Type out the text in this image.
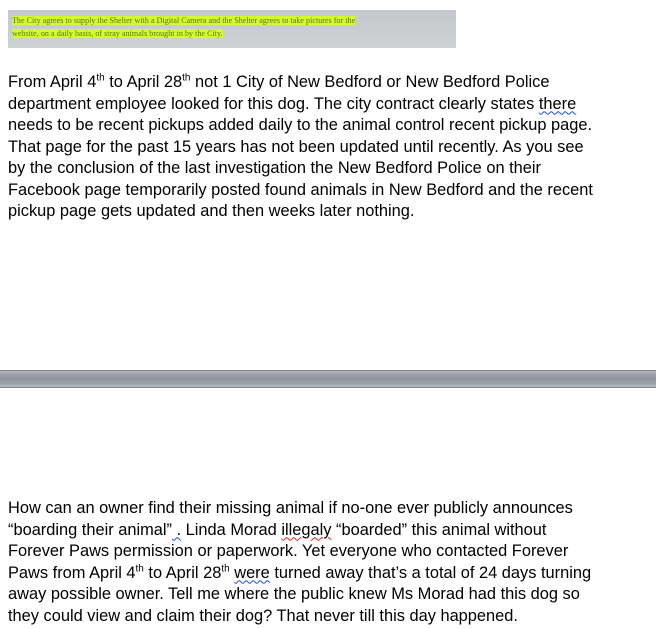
The City agrees to supply the Shelter with a Digital Camera and the Shelter agrees to take pictures for the
website, on a daily basis, of stray animals brought in by the City.

From April 4th to April 28th not 1 City of New Bedford or New Bedford Police
department employee looked for this dog. The city contract clearly states there
needs to be recent pickups added daily to the animal control recent pickup page.
That page for the past 15 years has not been updated until recently. As you see
by the conclusion of the last investigation the New Bedford Police on their
Facebook page temporarily posted found animals in New Bedford and the recent
pickup page gets updated and then weeks later nothing.

How can an owner find their missing animal if no-one ever publicly announces
“boarding their animal” . Linda Morad illegaly “boarded” this animal without
Forever Paws permission or paperwork. Yet everyone who contacted Forever
Paws from April 4th to April 28th were turned away that’s a total of 24 days turning
away possible owner. Tell me where the public knew Ms Morad had this dog so
they could view and claim their dog? That never till this day happened.
